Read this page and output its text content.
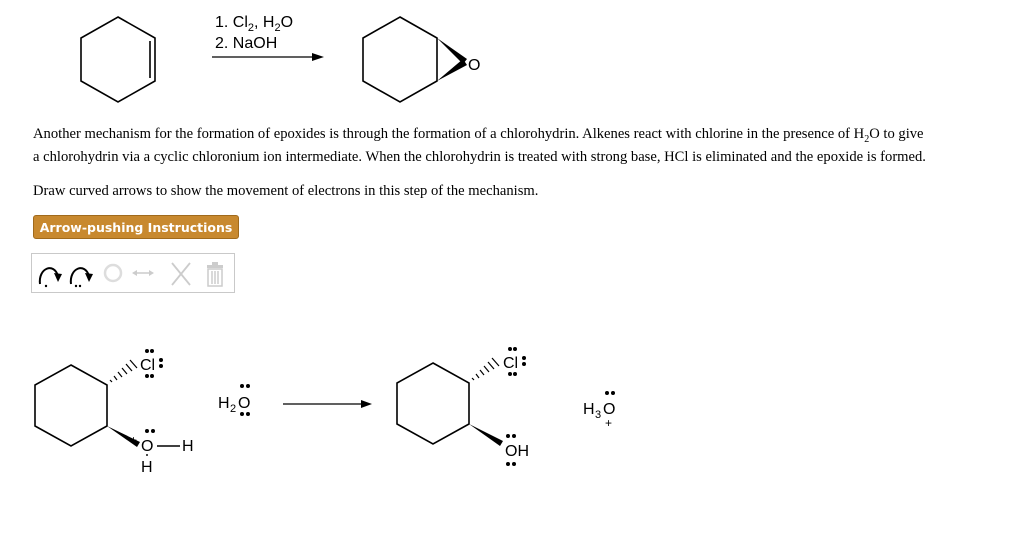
O
1. $Cl_2$, $H_2O$
2. NaOH
Another mechanism for the formation of epoxides is through the formation of a chlorohydrin. Alkenes react with chlorine in the presence of $H_2O$ to give
a chlorohydrin via a cyclic chloronium ion intermediate. When the chlorohydrin is treated with strong base, HCl is eliminated and the epoxide is formed.
Draw curved arrows to show the movement of electrons in this step of the mechanism.
Arrow-pushing Instructions
Cl
O
+	H
H
H 2 O
Cl
OH
H 3 O
+
